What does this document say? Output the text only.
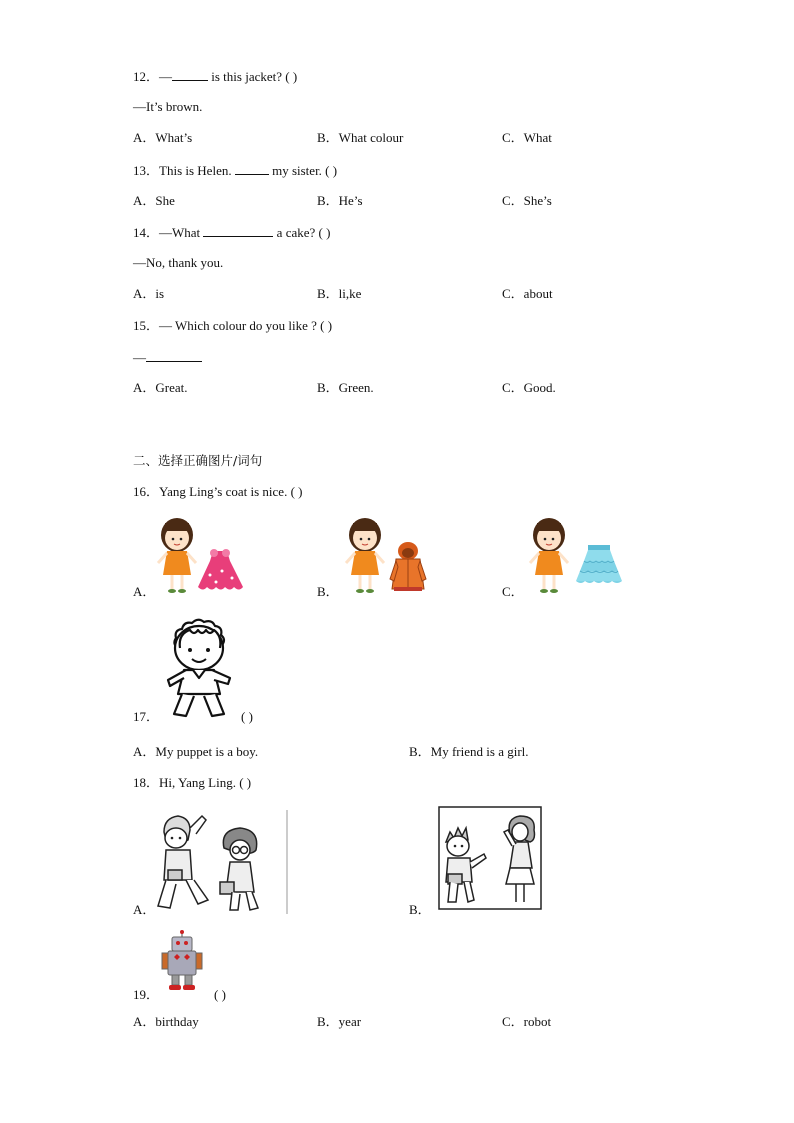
12．—	is this jacket? ( )
—It’s brown.
A．What’s	B．What colour	C．What
13．This is Helen.	my sister. ( )
A．She	B．He’s	C．She’s
14．—What	a cake? ( )
—No, thank you.
A．is	B．li,ke	C．about
15．— Which colour do you like ? ( )
—
A．Great.	B．Green.	C．Good.
二、选择正确图片/词句
16．Yang Ling’s coat is nice. ( )
A．	B．	C．
17．	( )
A．My puppet is a boy.	B．My friend is a girl.
18．Hi, Yang Ling. ( )
A．	B．
19．	( )
A．birthday	B．year	C．robot
